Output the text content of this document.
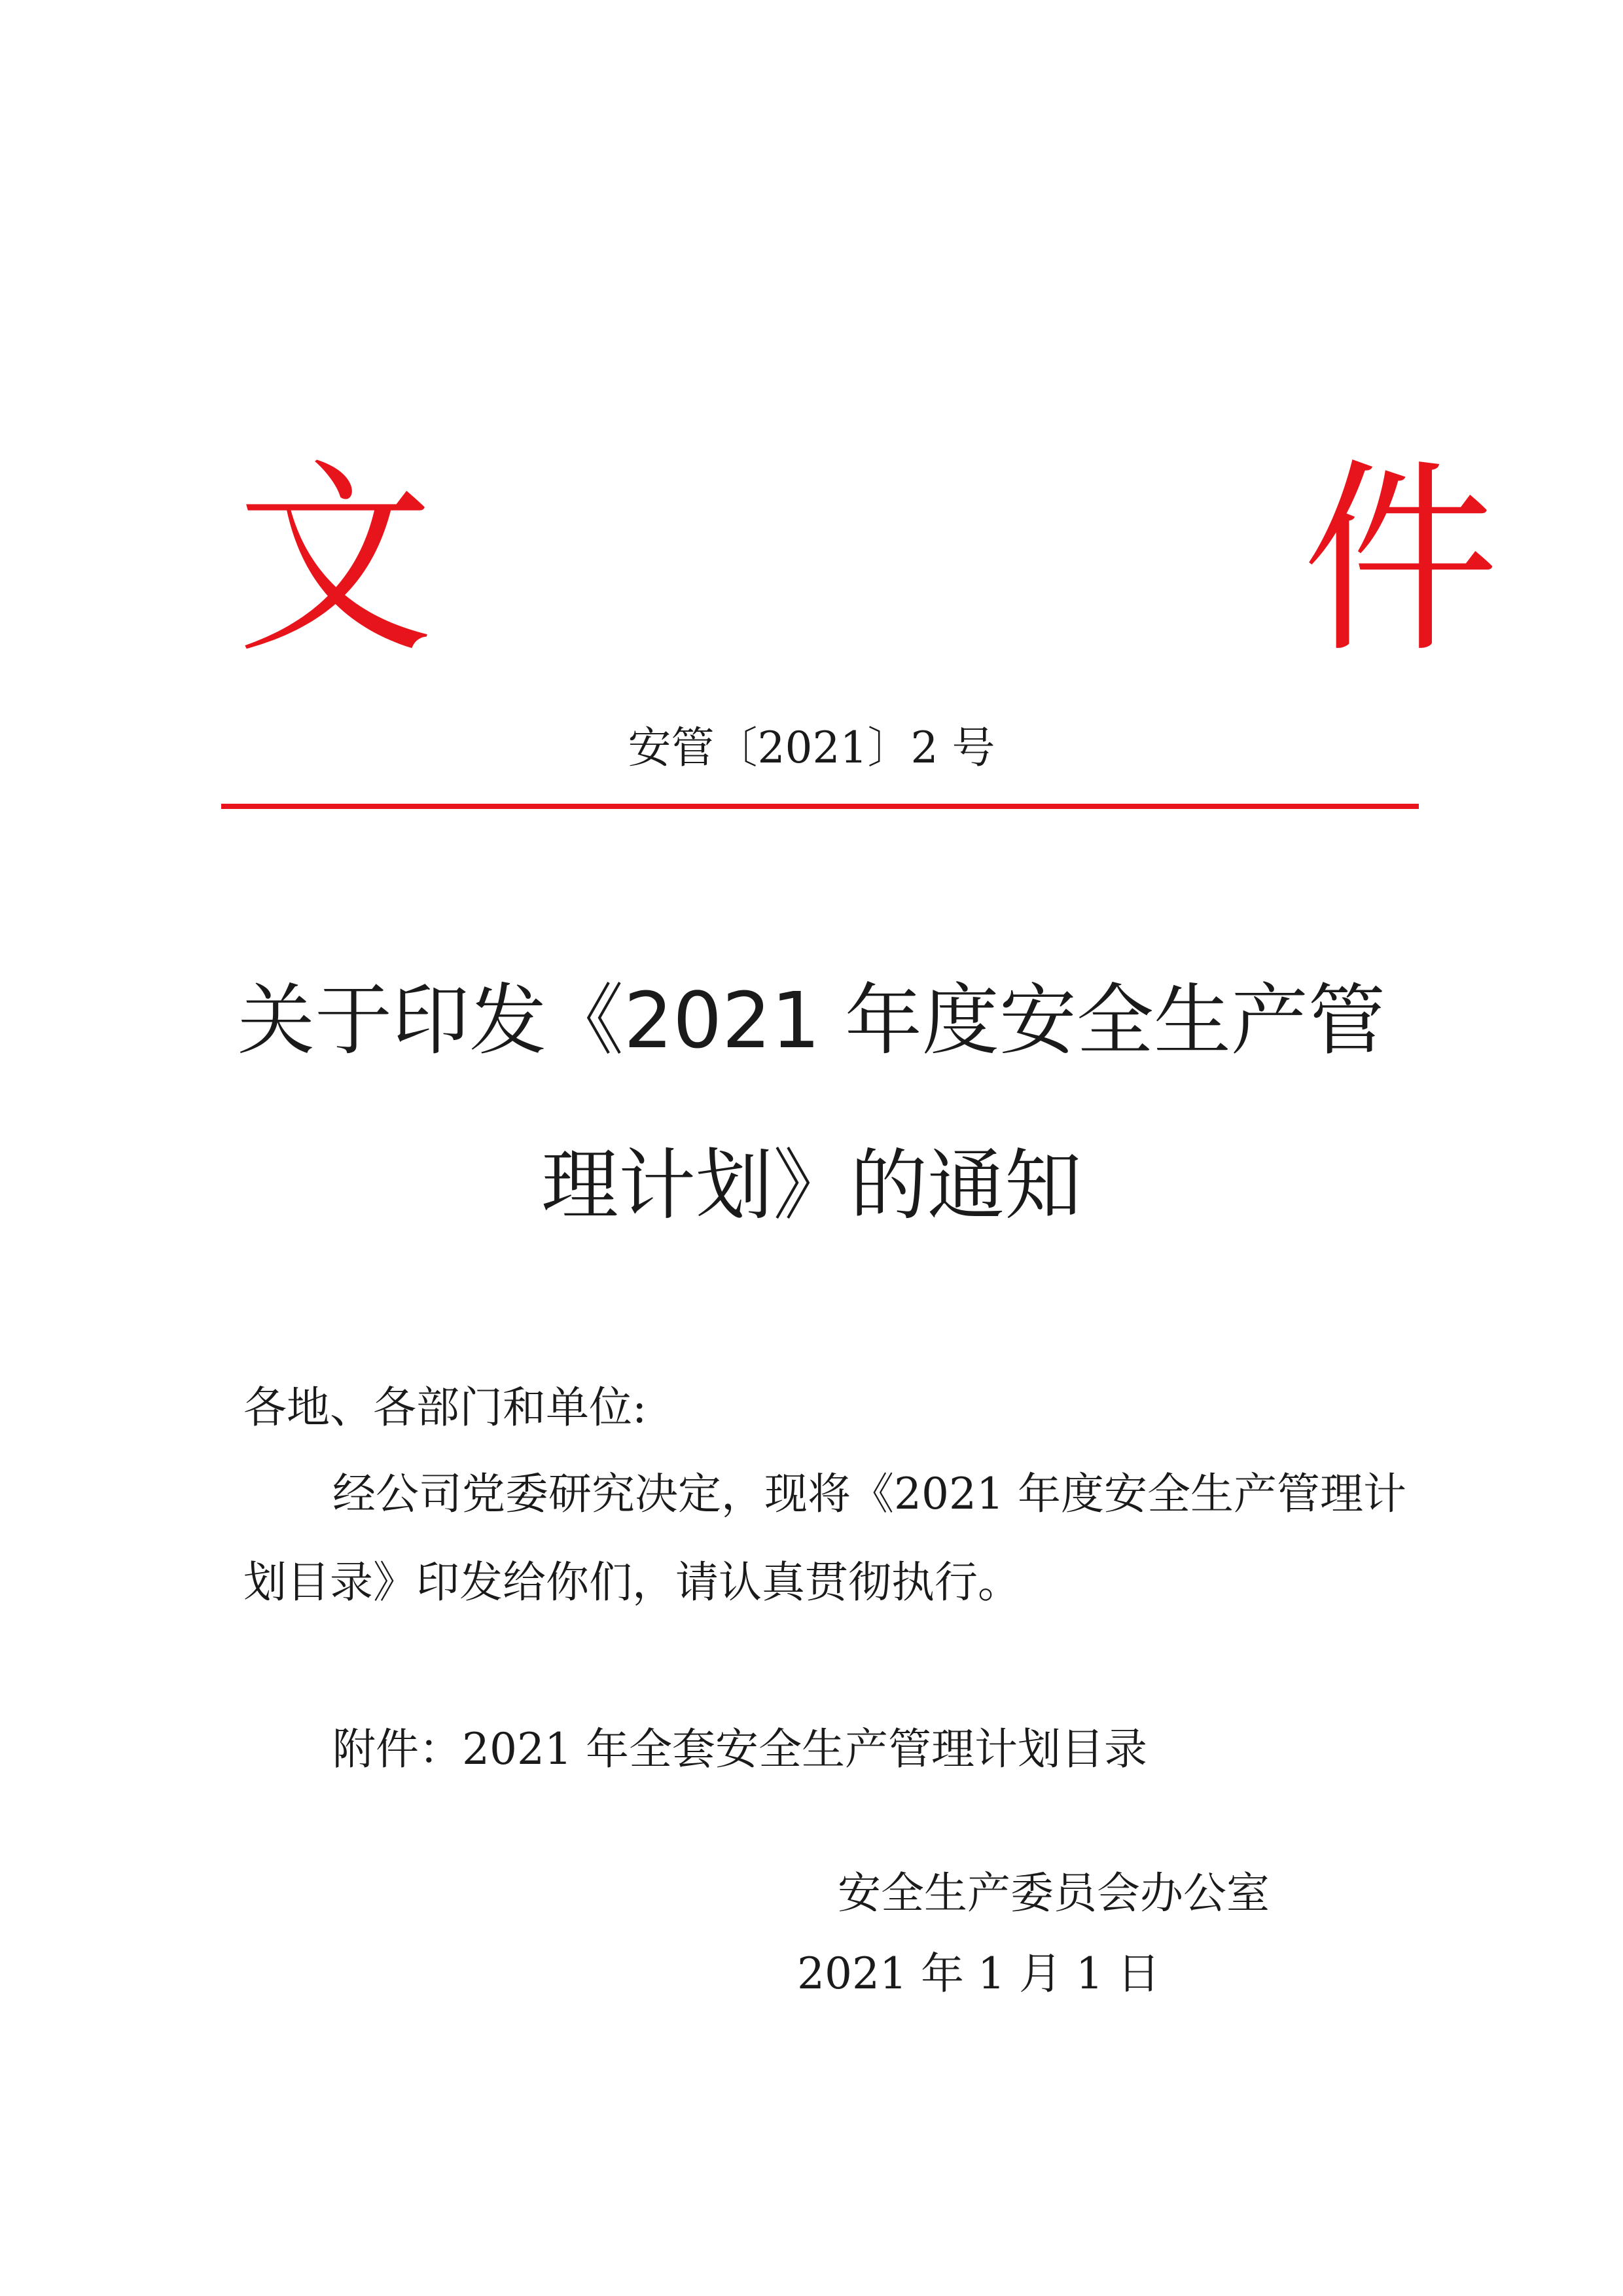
文	件
安管〔2021〕2 号
关于印发《2021 年度安全生产管
理计划》的通知
各地、各部门和单位:
经公司党委研究决定，现将《2021 年度安全生产管理计
划目录》印发给你们，请认真贯彻执行。
附件：2021 年全套安全生产管理计划目录
安全生产委员会办公室
2021 年 1 月 1 日
